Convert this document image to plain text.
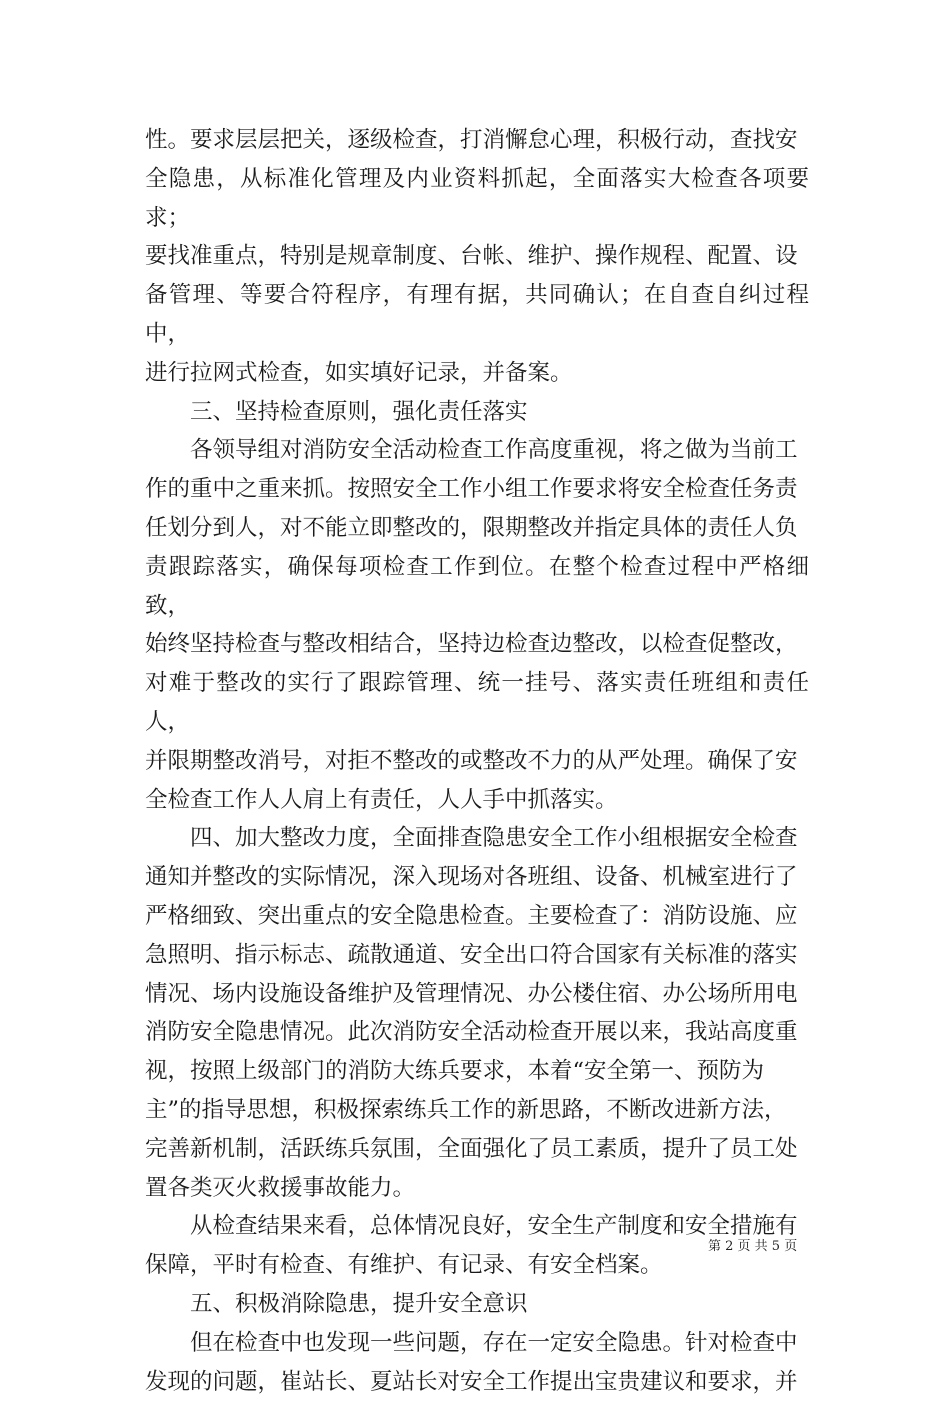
性。要求层层把关，逐级检查，打消懈怠心理，积极行动，查找安
全隐患，从标准化管理及内业资料抓起，全面落实大检查各项要求；
要找准重点，特别是规章制度、台帐、维护、操作规程、配置、设
备管理、等要合符程序，有理有据，共同确认；在自查自纠过程中，
进行拉网式检查，如实填好记录，并备案。

　　三、坚持检查原则，强化责任落实

　　各领导组对消防安全活动检查工作高度重视，将之做为当前工
作的重中之重来抓。按照安全工作小组工作要求将安全检查任务责
任划分到人，对不能立即整改的，限期整改并指定具体的责任人负
责跟踪落实，确保每项检查工作到位。在整个检查过程中严格细致，
始终坚持检查与整改相结合，坚持边检查边整改，以检查促整改，
对难于整改的实行了跟踪管理、统一挂号、落实责任班组和责任人，
并限期整改消号，对拒不整改的或整改不力的从严处理。确保了安
全检查工作人人肩上有责任，人人手中抓落实。

　　四、加大整改力度，全面排查隐患安全工作小组根据安全检查
通知并整改的实际情况，深入现场对各班组、设备、机械室进行了
严格细致、突出重点的安全隐患检查。主要检查了：消防设施、应
急照明、指示标志、疏散通道、安全出口符合国家有关标准的落实
情况、场内设施设备维护及管理情况、办公楼住宿、办公场所用电
消防安全隐患情况。此次消防安全活动检查开展以来，我站高度重
视，按照上级部门的消防大练兵要求，本着“安全第一、预防为
主”的指导思想，积极探索练兵工作的新思路，不断改进新方法，
完善新机制，活跃练兵氛围，全面强化了员工素质，提升了员工处
置各类灭火救援事故能力。

　　从检查结果来看，总体情况良好，安全生产制度和安全措施有
保障，平时有检查、有维护、有记录、有安全档案。

　　五、积极消除隐患，提升安全意识

　　但在检查中也发现一些问题，存在一定安全隐患。针对检查中
发现的问题，崔站长、夏站长对安全工作提出宝贵建议和要求，并

第 2 页 共 5 页
